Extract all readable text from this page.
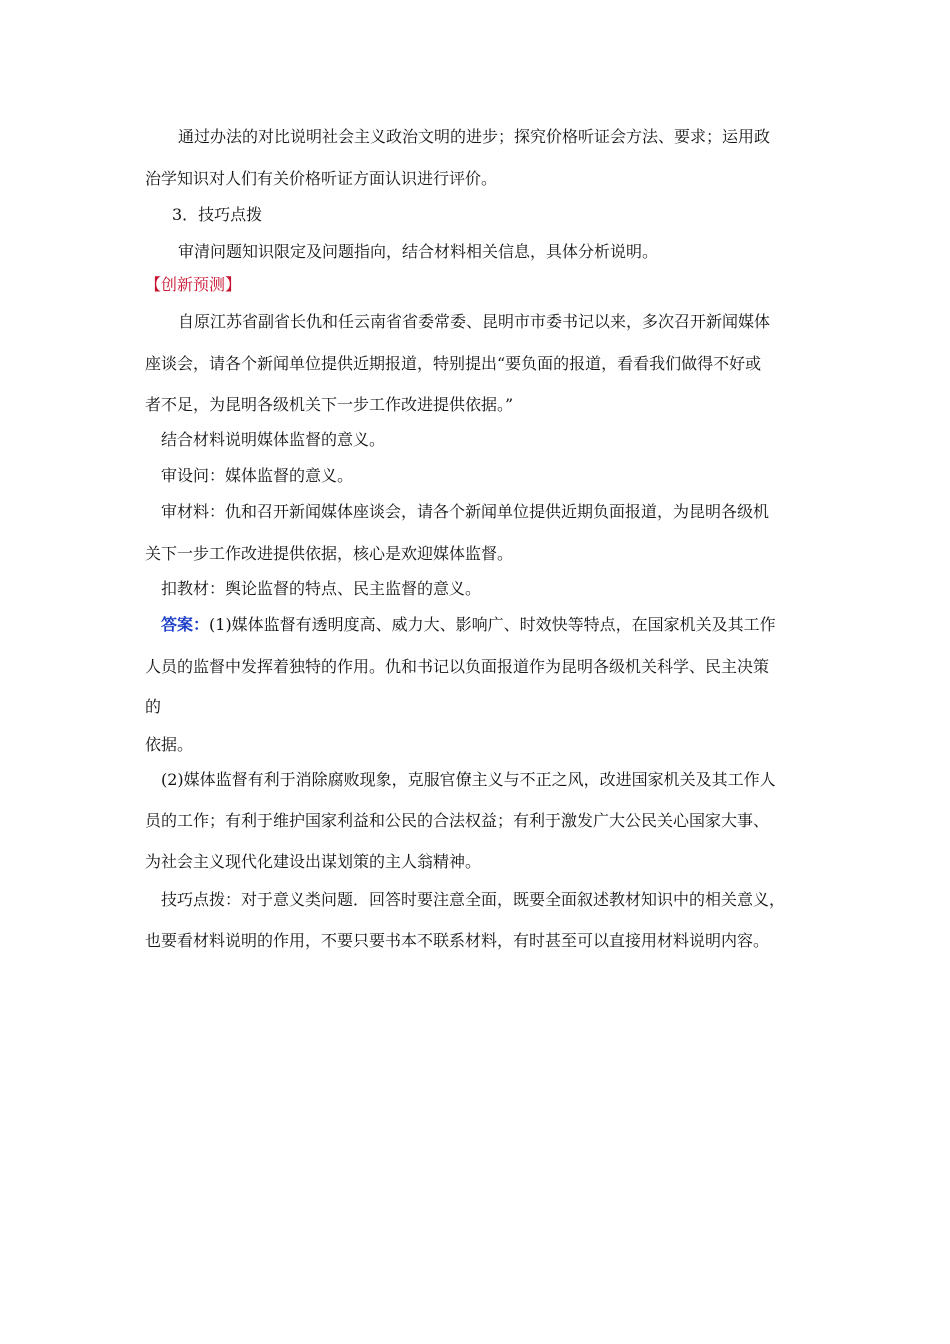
通过办法的对比说明社会主义政治文明的进步；探究价格听证会方法、要求；运用政

治学知识对人们有关价格听证方面认识进行评价。

3．技巧点拨

审清问题知识限定及问题指向，结合材料相关信息，具体分析说明。

【创新预测】

自原江苏省副省长仇和任云南省省委常委、昆明市市委书记以来，多次召开新闻媒体

座谈会，请各个新闻单位提供近期报道，特别提出“要负面的报道，看看我们做得不好或

者不足，为昆明各级机关下一步工作改进提供依据。”

结合材料说明媒体监督的意义。

审设问：媒体监督的意义。

审材料：仇和召开新闻媒体座谈会，请各个新闻单位提供近期负面报道，为昆明各级机

关下一步工作改进提供依据，核心是欢迎媒体监督。

扣教材：舆论监督的特点、民主监督的意义。

答案：(1)媒体监督有透明度高、威力大、影响广、时效快等特点，在国家机关及其工作

人员的监督中发挥着独特的作用。仇和书记以负面报道作为昆明各级机关科学、民主决策

的

依据。

(2)媒体监督有利于消除腐败现象，克服官僚主义与不正之风，改进国家机关及其工作人

员的工作；有利于维护国家利益和公民的合法权益；有利于激发广大公民关心国家大事、

为社会主义现代化建设出谋划策的主人翁精神。

技巧点拨：对于意义类问题．回答时要注意全面，既要全面叙述教材知识中的相关意义，

也要看材料说明的作用，不要只要书本不联系材料，有时甚至可以直接用材料说明内容。
